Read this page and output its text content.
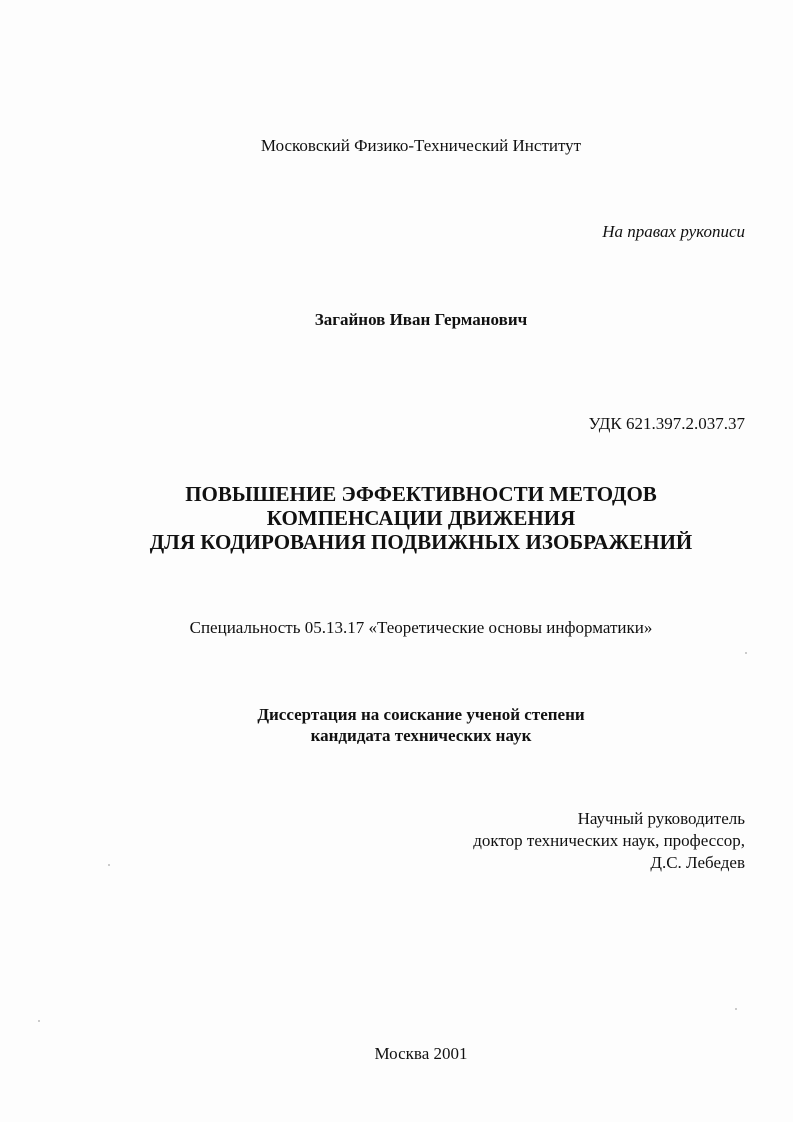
Московский Физико-Технический Институт
На правах рукописи
Загайнов Иван Германович
УДК 621.397.2.037.37
ПОВЫШЕНИЕ ЭФФЕКТИВНОСТИ МЕТОДОВ
КОМПЕНСАЦИИ ДВИЖЕНИЯ
ДЛЯ КОДИРОВАНИЯ ПОДВИЖНЫХ ИЗОБРАЖЕНИЙ
Специальность 05.13.17 «Теоретические основы информатики»
Диссертация на соискание ученой степени
кандидата технических наук
Научный руководитель
доктор технических наук, профессор,
Д.С. Лебедев
Москва 2001
